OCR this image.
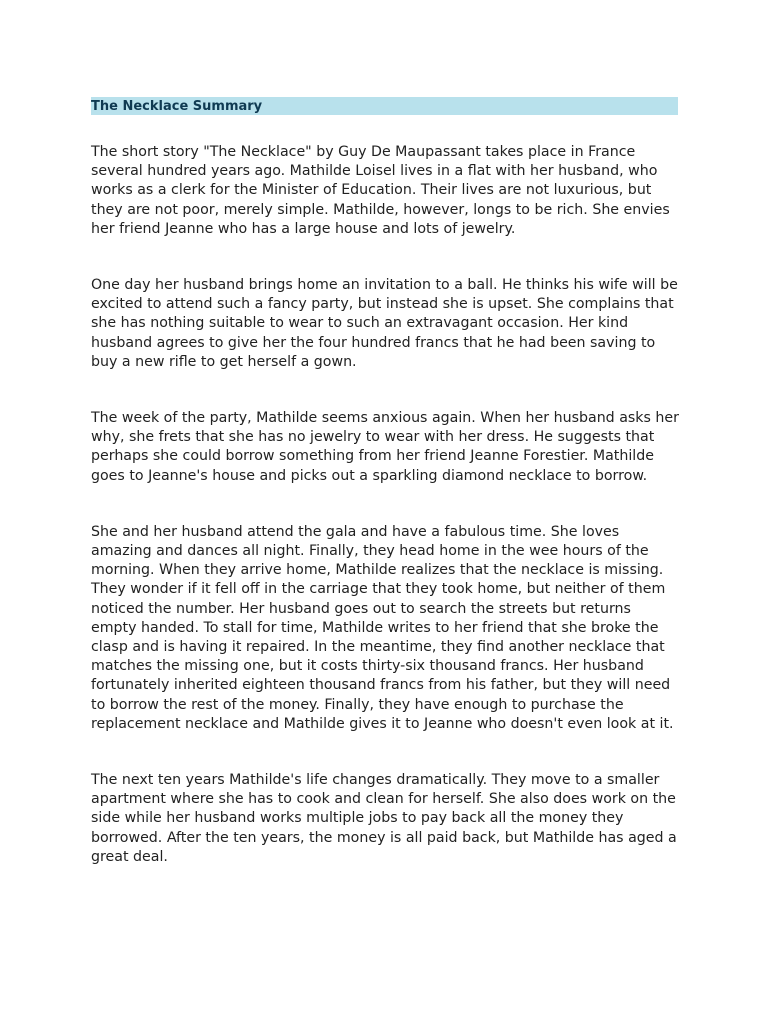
The Necklace Summary

The short story "The Necklace" by Guy De Maupassant takes place in France several hundred years ago. Mathilde Loisel lives in a flat with her husband, who works as a clerk for the Minister of Education. Their lives are not luxurious, but they are not poor, merely simple. Mathilde, however, longs to be rich. She envies her friend Jeanne who has a large house and lots of jewelry.

One day her husband brings home an invitation to a ball. He thinks his wife will be excited to attend such a fancy party, but instead she is upset. She complains that she has nothing suitable to wear to such an extravagant occasion. Her kind husband agrees to give her the four hundred francs that he had been saving to buy a new rifle to get herself a gown.

The week of the party, Mathilde seems anxious again. When her husband asks her why, she frets that she has no jewelry to wear with her dress. He suggests that perhaps she could borrow something from her friend Jeanne Forestier. Mathilde goes to Jeanne's house and picks out a sparkling diamond necklace to borrow.

She and her husband attend the gala and have a fabulous time. She loves amazing and dances all night. Finally, they head home in the wee hours of the morning. When they arrive home, Mathilde realizes that the necklace is missing. They wonder if it fell off in the carriage that they took home, but neither of them noticed the number. Her husband goes out to search the streets but returns empty handed. To stall for time, Mathilde writes to her friend that she broke the clasp and is having it repaired. In the meantime, they find another necklace that matches the missing one, but it costs thirty-six thousand francs. Her husband fortunately inherited eighteen thousand francs from his father, but they will need to borrow the rest of the money. Finally, they have enough to purchase the replacement necklace and Mathilde gives it to Jeanne who doesn't even look at it.

The next ten years Mathilde's life changes dramatically. They move to a smaller apartment where she has to cook and clean for herself. She also does work on the side while her husband works multiple jobs to pay back all the money they borrowed. After the ten years, the money is all paid back, but Mathilde has aged a great deal.
